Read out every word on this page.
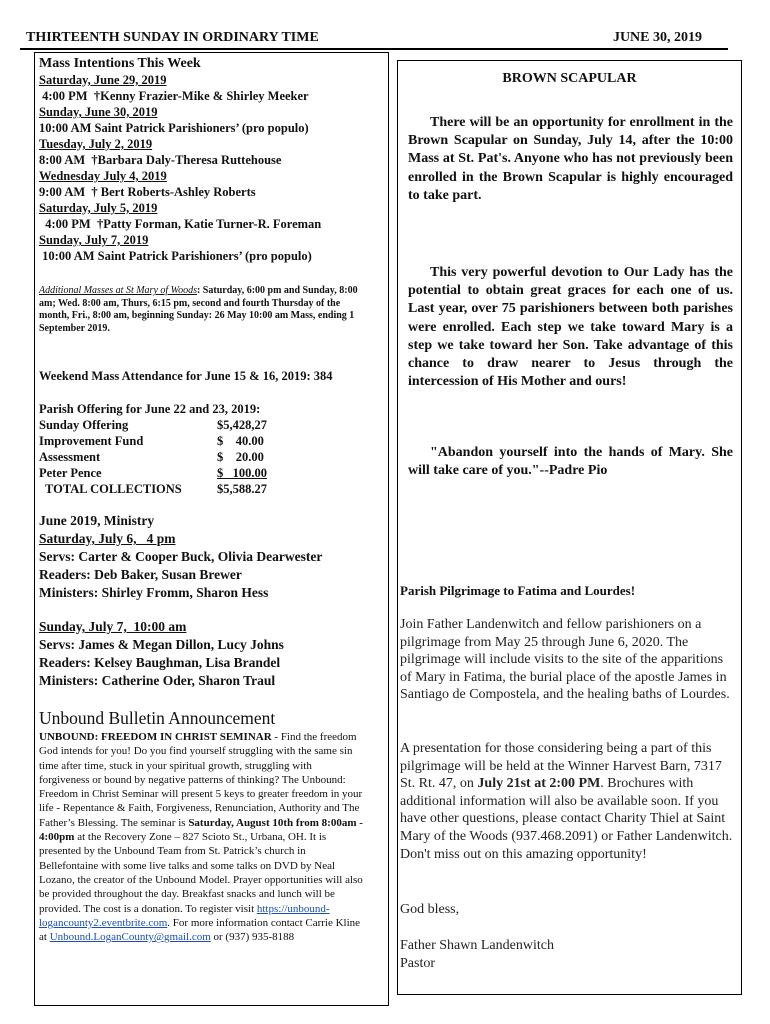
THIRTEENTH SUNDAY IN ORDINARY TIME	JUNE 30, 2019
Mass Intentions This Week
Saturday, June 29, 2019
4:00 PM  †Kenny Frazier-Mike & Shirley Meeker
Sunday, June 30, 2019
10:00 AM Saint Patrick Parishioners’ (pro populo)
Tuesday, July 2, 2019
8:00 AM  †Barbara Daly-Theresa Ruttehouse
Wednesday July 4, 2019
9:00 AM  † Bert Roberts-Ashley Roberts
Saturday, July 5, 2019
4:00 PM  †Patty Forman, Katie Turner-R. Foreman
Sunday, July 7, 2019
10:00 AM Saint Patrick Parishioners’ (pro populo)
Additional Masses at St Mary of Woods: Saturday, 6:00 pm and Sunday, 8:00 am; Wed. 8:00 am, Thurs, 6:15 pm, second and fourth Thursday of the month, Fri., 8:00 am, beginning Sunday: 26 May 10:00 am Mass, ending 1 September 2019.
Weekend Mass Attendance for June 15 & 16, 2019: 384
Parish Offering for June 22 and 23, 2019:
Sunday Offering	$5,428,27
Improvement Fund	$    40.00
Assessment	$    20.00
Peter Pence	$   100.00
TOTAL COLLECTIONS	$5,588.27
June 2019, Ministry
Saturday, July 6,   4 pm
Servs: Carter & Cooper Buck, Olivia Dearwester
Readers: Deb Baker, Susan Brewer
Ministers: Shirley Fromm, Sharon Hess
Sunday, July 7,  10:00 am
Servs: James & Megan Dillon, Lucy Johns
Readers: Kelsey Baughman, Lisa Brandel
Ministers: Catherine Oder, Sharon Traul
Unbound Bulletin Announcement
UNBOUND: FREEDOM IN CHRIST SEMINAR - Find the freedom God intends for you! Do you find yourself struggling with the same sin time after time, stuck in your spiritual growth, struggling with forgiveness or bound by negative patterns of thinking? The Unbound: Freedom in Christ Seminar will present 5 keys to greater freedom in your life - Repentance & Faith, Forgiveness, Renunciation, Authority and The Father’s Blessing. The seminar is Saturday, August 10th from 8:00am - 4:00pm at the Recovery Zone – 827 Scioto St., Urbana, OH. It is presented by the Unbound Team from St. Patrick’s church in Bellefontaine with some live talks and some talks on DVD by Neal Lozano, the creator of the Unbound Model. Prayer opportunities will also be provided throughout the day. Breakfast snacks and lunch will be provided. The cost is a donation. To register visit https://unbound-logancounty2.eventbrite.com. For more information contact Carrie Kline at Unbound.LoganCounty@gmail.com or (937) 935-8188
BROWN SCAPULAR
There will be an opportunity for enrollment in the Brown Scapular on Sunday, July 14, after the 10:00 Mass at St. Pat's. Anyone who has not previously been enrolled in the Brown Scapular is highly encouraged to take part.
This very powerful devotion to Our Lady has the potential to obtain great graces for each one of us. Last year, over 75 parishioners between both parishes were enrolled. Each step we take toward Mary is a step we take toward her Son. Take advantage of this chance to draw nearer to Jesus through the intercession of His Mother and ours!
"Abandon yourself into the hands of Mary. She will take care of you."--Padre Pio
Parish Pilgrimage to Fatima and Lourdes!
Join Father Landenwitch and fellow parishioners on a pilgrimage from May 25 through June 6, 2020. The pilgrimage will include visits to the site of the apparitions of Mary in Fatima, the burial place of the apostle James in Santiago de Compostela, and the healing baths of Lourdes.
A presentation for those considering being a part of this pilgrimage will be held at the Winner Harvest Barn, 7317 St. Rt. 47, on July 21st at 2:00 PM. Brochures with additional information will also be available soon. If you have other questions, please contact Charity Thiel at Saint Mary of the Woods (937.468.2091) or Father Landenwitch.
Don't miss out on this amazing opportunity!
God bless,
Father Shawn Landenwitch
Pastor
